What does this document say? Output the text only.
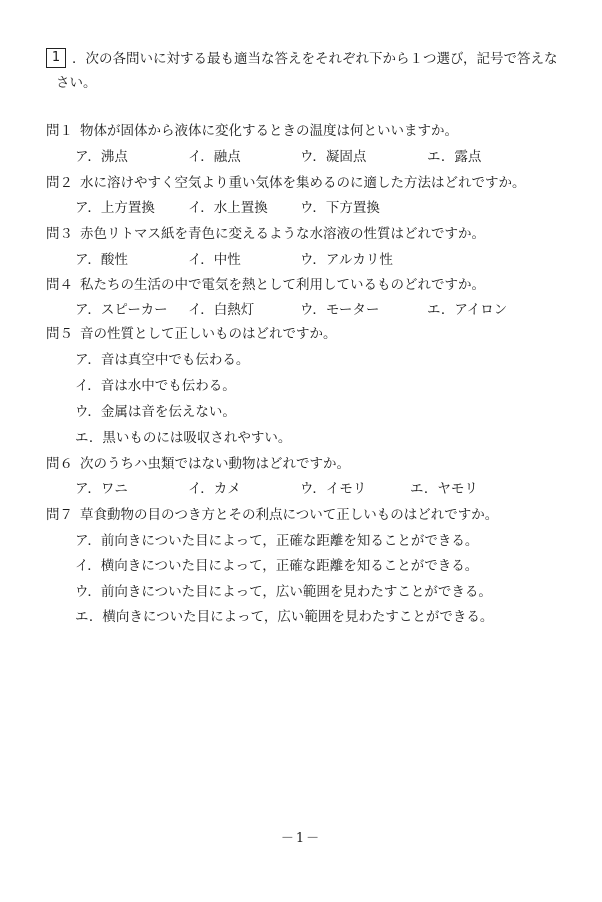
1 ．次の各問いに対する最も適当な答えをそれぞれ下から１つ選び，記号で答えな
さい。
問１ 物体が固体から液体に変化するときの温度は何といいますか。
ア．沸点	イ．融点	ウ．凝固点	エ．露点
問２ 水に溶けやすく空気より重い気体を集めるのに適した方法はどれですか。
ア．上方置換 イ．水上置換 ウ．下方置換
問３ 赤色リトマス紙を青色に変えるような水溶液の性質はどれですか。
ア．酸性	イ．中性	ウ．アルカリ性
問４ 私たちの生活の中で電気を熱として利用しているものどれですか。
ア．スピーカー イ．白熱灯	ウ．モーター	エ．アイロン
問５ 音の性質として正しいものはどれですか。
ア．音は真空中でも伝わる。
イ．音は水中でも伝わる。
ウ．金属は音を伝えない。
エ．黒いものには吸収されやすい。
問６ 次のうちハ虫類ではない動物はどれですか。
ア．ワニ	イ．カメ	ウ．イモリ	エ．ヤモリ
問７ 草食動物の目のつき方とその利点について正しいものはどれですか。
ア．前向きについた目によって，正確な距離を知ることができる。
イ．横向きについた目によって，正確な距離を知ることができる。
ウ．前向きについた目によって，広い範囲を見わたすことができる。
エ．横向きについた目によって，広い範囲を見わたすことができる。
－1－
